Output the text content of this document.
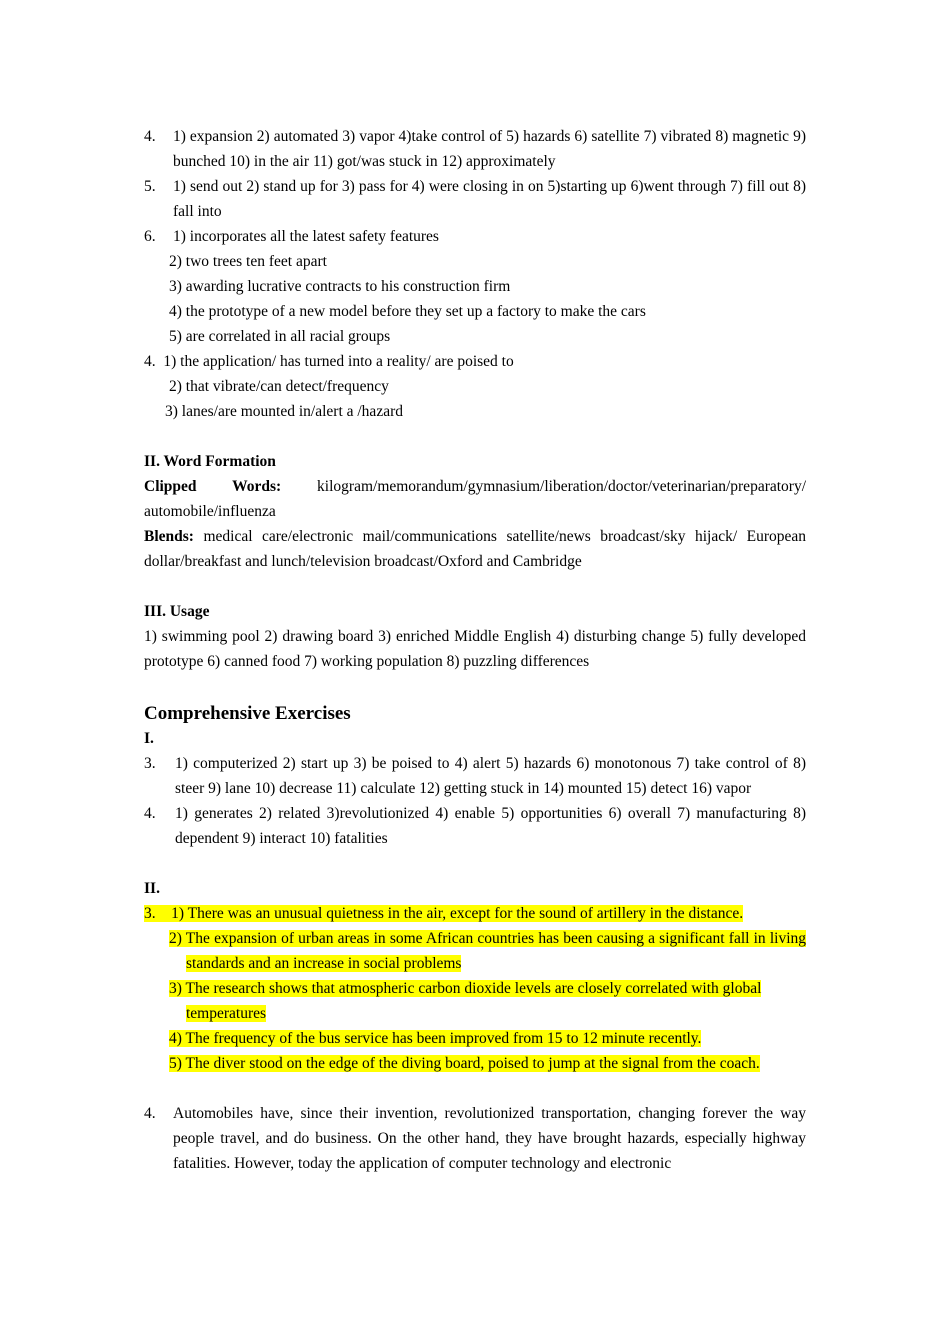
4. 1) expansion 2) automated 3) vapor 4)take control of 5) hazards 6) satellite 7) vibrated 8) magnetic 9) bunched 10) in the air 11) got/was stuck in 12) approximately
5. 1) send out 2) stand up for 3) pass for 4) were closing in on 5)starting up 6)went through 7) fill out 8) fall into
6. 1) incorporates all the latest safety features
2) two trees ten feet apart
3) awarding lucrative contracts to his construction firm
4) the prototype of a new model before they set up a factory to make the cars
5) are correlated in all racial groups
4. 1) the application/ has turned into a reality/ are poised to
2) that vibrate/can detect/frequency
3) lanes/are mounted in/alert a /hazard
II. Word Formation
Clipped Words: kilogram/memorandum/gymnasium/liberation/doctor/veterinarian/preparatory/ automobile/influenza
Blends: medical care/electronic mail/communications satellite/news broadcast/sky hijack/ European dollar/breakfast and lunch/television broadcast/Oxford and Cambridge
III. Usage
1) swimming pool 2) drawing board 3) enriched Middle English 4) disturbing change 5) fully developed prototype 6) canned food 7) working population 8) puzzling differences
Comprehensive Exercises
I.
3. 1) computerized 2) start up 3) be poised to 4) alert 5) hazards 6) monotonous 7) take control of 8) steer 9) lane 10) decrease 11) calculate 12) getting stuck in 14) mounted 15) detect 16) vapor
4. 1) generates 2) related 3)revolutionized 4) enable 5) opportunities 6) overall 7) manufacturing 8) dependent 9) interact 10) fatalities
II.
3. 1) There was an unusual quietness in the air, except for the sound of artillery in the distance.
2) The expansion of urban areas in some African countries has been causing a significant fall in living standards and an increase in social problems
3) The research shows that atmospheric carbon dioxide levels are closely correlated with global temperatures
4) The frequency of the bus service has been improved from 15 to 12 minute recently.
5) The diver stood on the edge of the diving board, poised to jump at the signal from the coach.
4. Automobiles have, since their invention, revolutionized transportation, changing forever the way people travel, and do business. On the other hand, they have brought hazards, especially highway fatalities. However, today the application of computer technology and electronic
